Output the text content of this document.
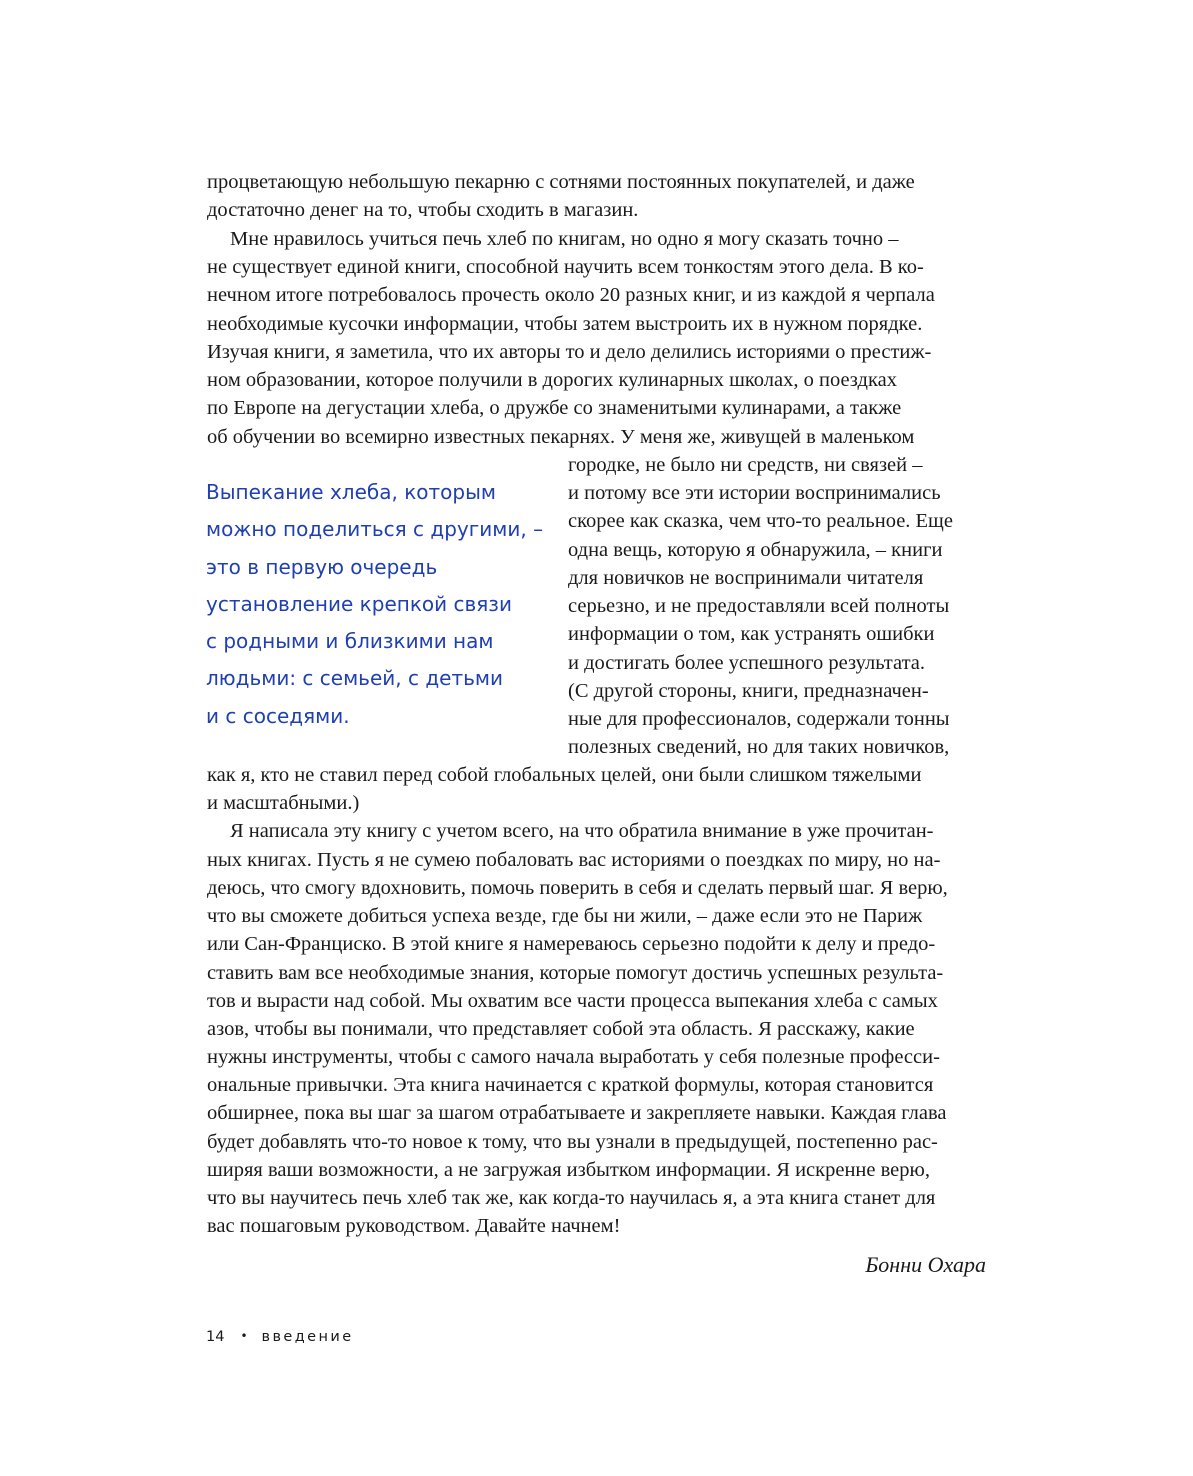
процветающую небольшую пекарню с сотнями постоянных покупателей, и даже

достаточно денег на то, чтобы сходить в магазин.

Мне нравилось учиться печь хлеб по книгам, но одно я могу сказать точно –

не существует единой книги, способной научить всем тонкостям этого дела. В ко-

нечном итоге потребовалось прочесть около 20 разных книг, и из каждой я черпала

необходимые кусочки информации, чтобы затем выстроить их в нужном порядке.

Изучая книги, я заметила, что их авторы то и дело делились историями о престиж-

ном образовании, которое получили в дорогих кулинарных школах, о поездках

по Европе на дегустации хлеба, о дружбе со знаменитыми кулинарами, а также

об обучении во всемирно известных пекарнях. У меня же, живущей в маленьком

Выпекание хлеба, которым
можно поделиться с другими, –
это в первую очередь
установление крепкой связи
с родными и близкими нам
людьми: с семьей, с детьми
и с соседями.

городке, не было ни средств, ни связей –

и потому все эти истории воспринимались

скорее как сказка, чем что-то реальное. Еще

одна вещь, которую я обнаружила, – книги

для новичков не воспринимали читателя

серьезно, и не предоставляли всей полноты

информации о том, как устранять ошибки

и достигать более успешного результата.

(С другой стороны, книги, предназначен-

ные для профессионалов, содержали тонны

полезных сведений, но для таких новичков,

как я, кто не ставил перед собой глобальных целей, они были слишком тяжелыми

и масштабными.)

Я написала эту книгу с учетом всего, на что обратила внимание в уже прочитан-

ных книгах. Пусть я не сумею побаловать вас историями о поездках по миру, но на-

деюсь, что смогу вдохновить, помочь поверить в себя и сделать первый шаг. Я верю,

что вы сможете добиться успеха везде, где бы ни жили, – даже если это не Париж

или Сан-Франциско. В этой книге я намереваюсь серьезно подойти к делу и предо-

ставить вам все необходимые знания, которые помогут достичь успешных результа-

тов и вырасти над собой. Мы охватим все части процесса выпекания хлеба с самых

азов, чтобы вы понимали, что представляет собой эта область. Я расскажу, какие

нужны инструменты, чтобы с самого начала выработать у себя полезные професси-

ональные привычки. Эта книга начинается с краткой формулы, которая становится

обширнее, пока вы шаг за шагом отрабатываете и закрепляете навыки. Каждая глава

будет добавлять что-то новое к тому, что вы узнали в предыдущей, постепенно рас-

ширяя ваши возможности, а не загружая избытком информации. Я искренне верю,

что вы научитесь печь хлеб так же, как когда-то научилась я, а эта книга станет для

вас пошаговым руководством. Давайте начнем!

Бонни Охара

14 • введение
